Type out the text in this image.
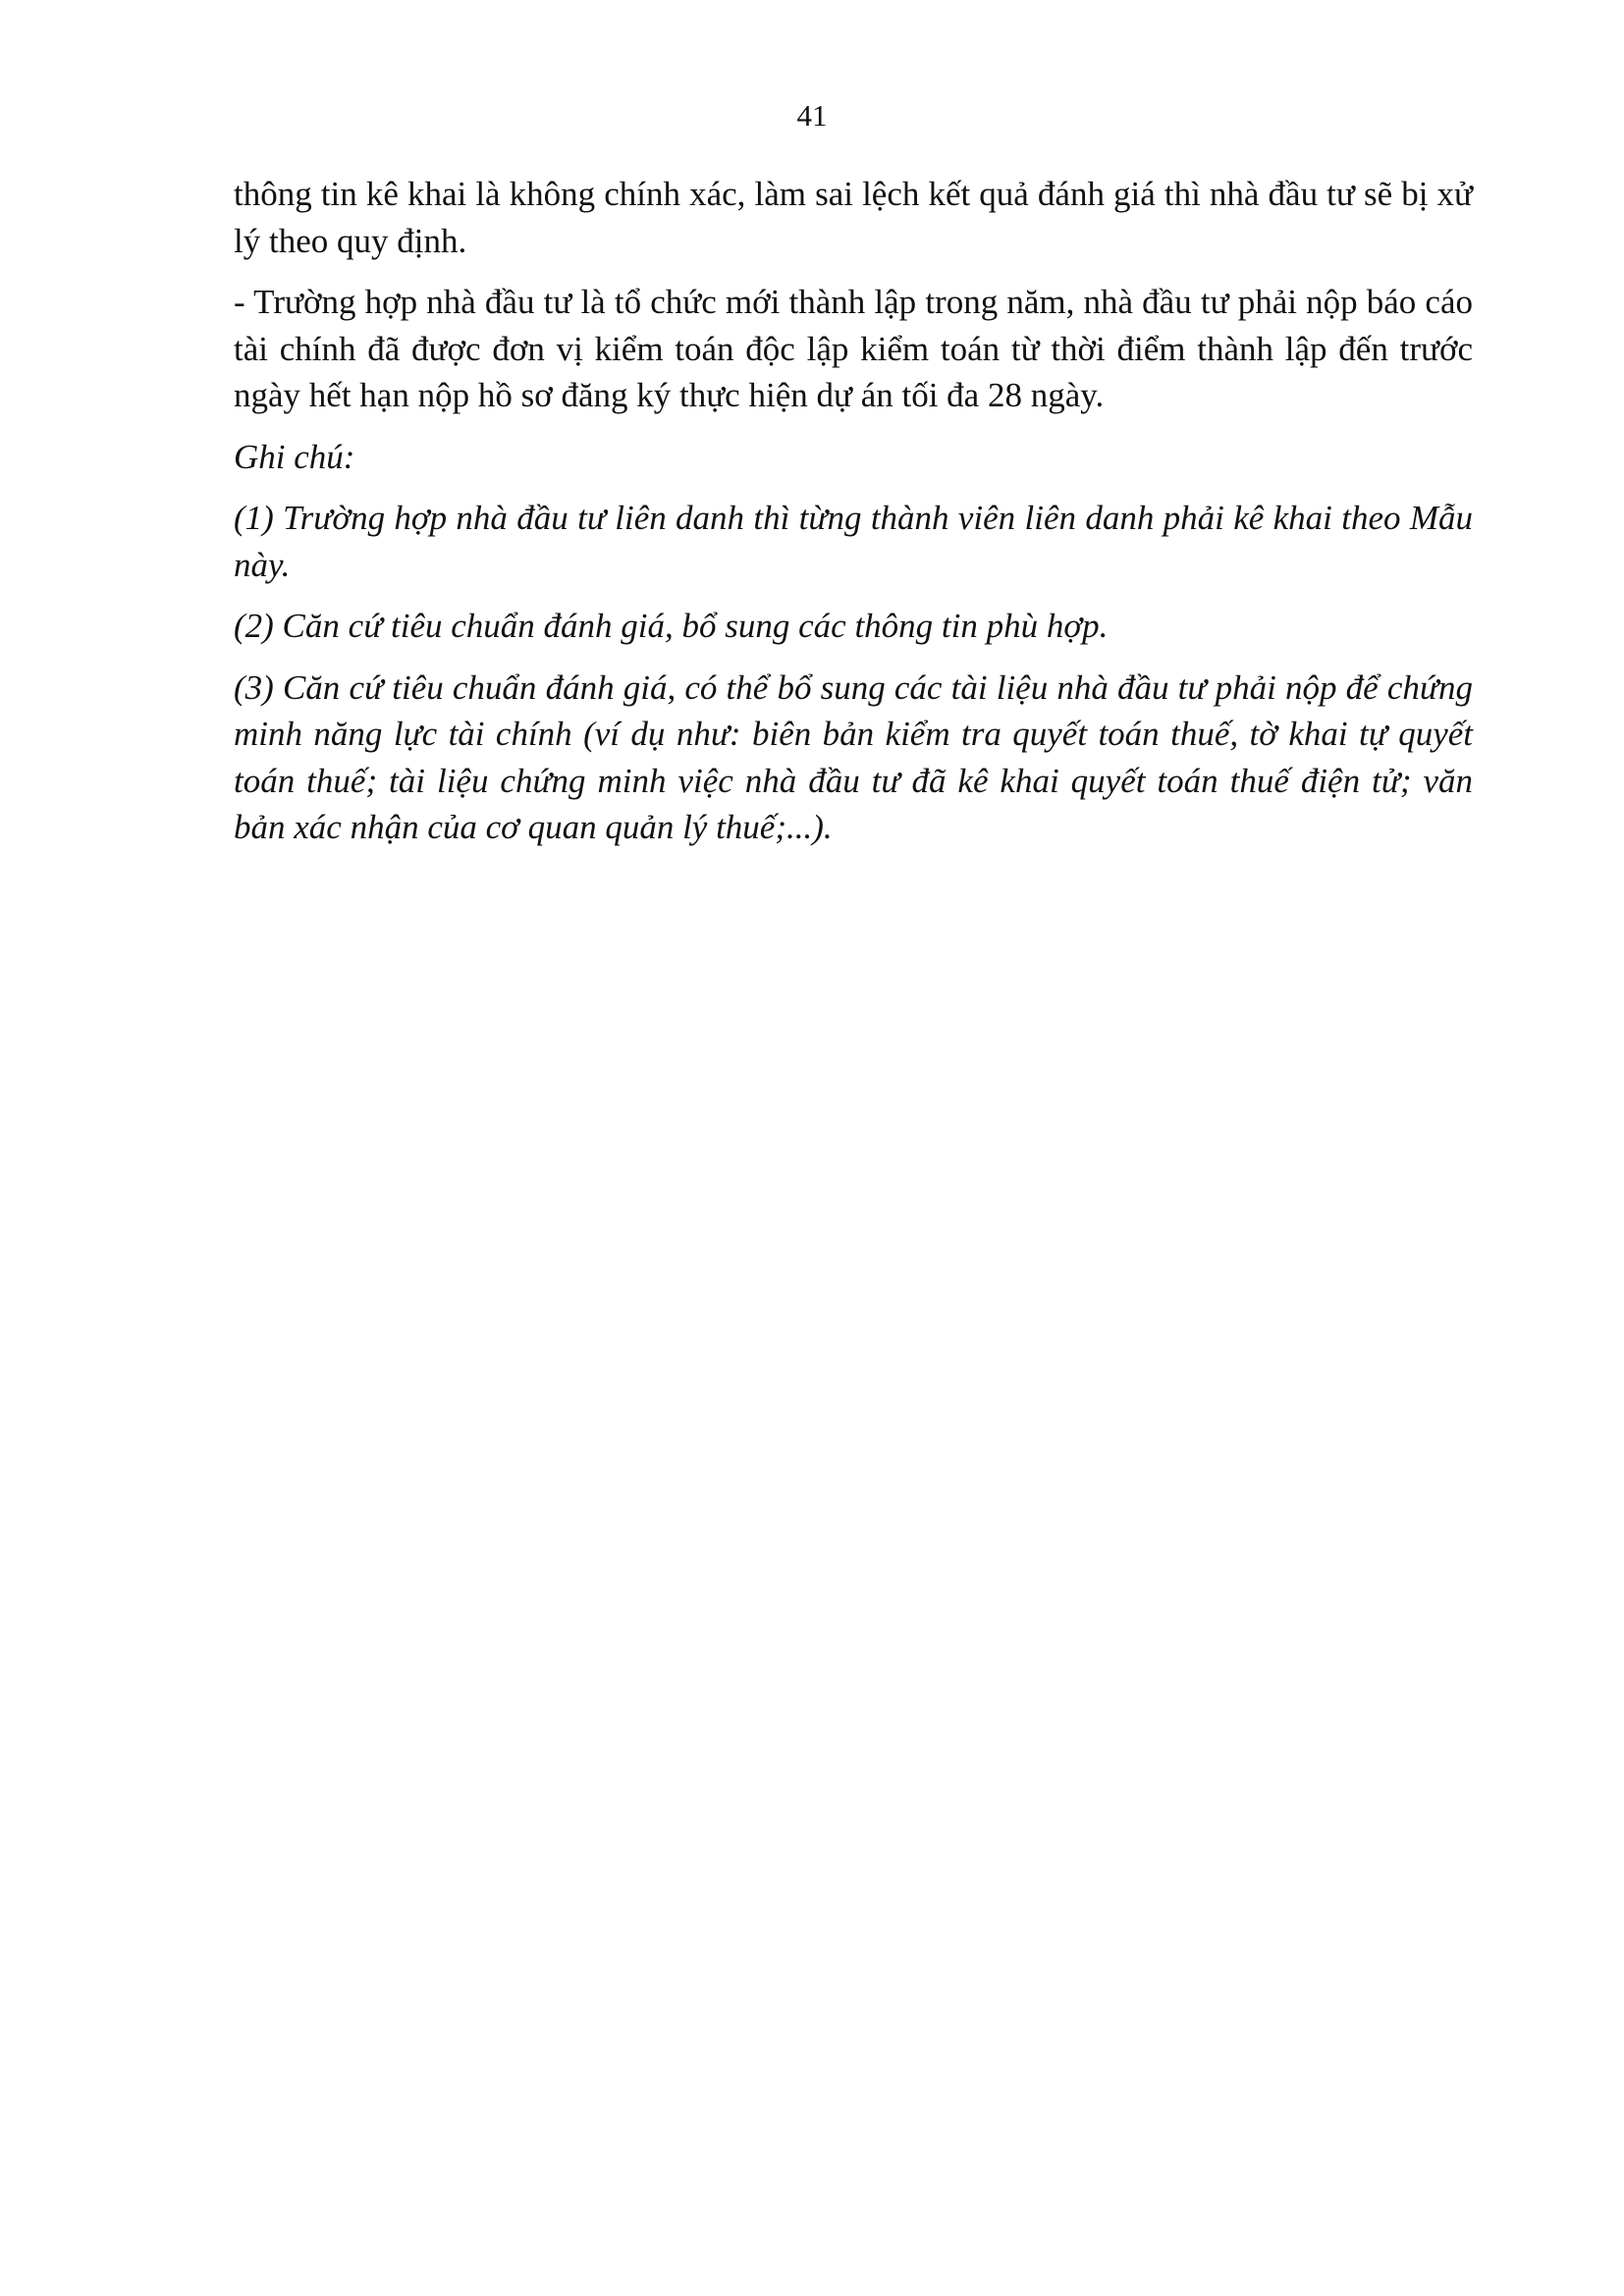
41

thông tin kê khai là không chính xác, làm sai lệch kết quả đánh giá thì nhà đầu tư sẽ bị xử lý theo quy định.

- Trường hợp nhà đầu tư là tổ chức mới thành lập trong năm, nhà đầu tư phải nộp báo cáo tài chính đã được đơn vị kiểm toán độc lập kiểm toán từ thời điểm thành lập đến trước ngày hết hạn nộp hồ sơ đăng ký thực hiện dự án tối đa 28 ngày.

Ghi chú:

(1) Trường hợp nhà đầu tư liên danh thì từng thành viên liên danh phải kê khai theo Mẫu này.

(2) Căn cứ tiêu chuẩn đánh giá, bổ sung các thông tin phù hợp.

(3) Căn cứ tiêu chuẩn đánh giá, có thể bổ sung các tài liệu nhà đầu tư phải nộp để chứng minh năng lực tài chính (ví dụ như: biên bản kiểm tra quyết toán thuế, tờ khai tự quyết toán thuế; tài liệu chứng minh việc nhà đầu tư đã kê khai quyết toán thuế điện tử; văn bản xác nhận của cơ quan quản lý thuế;...).
